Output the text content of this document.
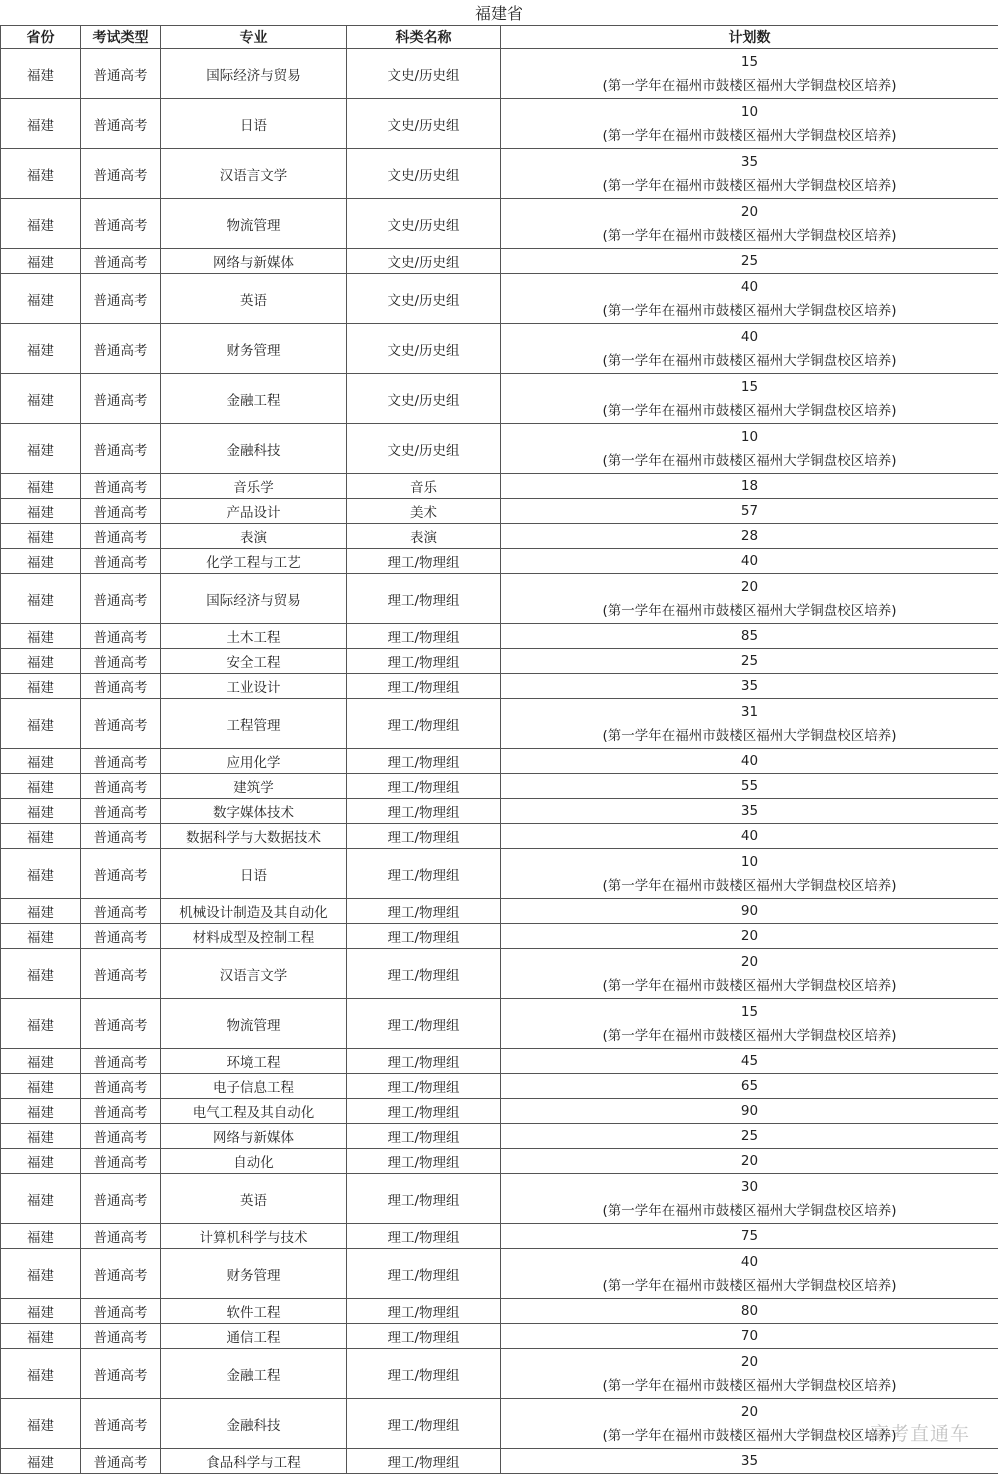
福建省
省份	考试类型	专业	科类名称	计划数
福建	普通高考	国际经济与贸易	文史/历史组	15
(第一学年在福州市鼓楼区福州大学铜盘校区培养)

福建	普通高考	日语	文史/历史组	10
(第一学年在福州市鼓楼区福州大学铜盘校区培养)

福建	普通高考	汉语言文学	文史/历史组	35
(第一学年在福州市鼓楼区福州大学铜盘校区培养)

福建	普通高考	物流管理	文史/历史组	20
(第一学年在福州市鼓楼区福州大学铜盘校区培养)

福建	普通高考	网络与新媒体	文史/历史组	25

福建	普通高考	英语	文史/历史组	40
(第一学年在福州市鼓楼区福州大学铜盘校区培养)

福建	普通高考	财务管理	文史/历史组	40
(第一学年在福州市鼓楼区福州大学铜盘校区培养)

福建	普通高考	金融工程	文史/历史组	15
(第一学年在福州市鼓楼区福州大学铜盘校区培养)

福建	普通高考	金融科技	文史/历史组	10
(第一学年在福州市鼓楼区福州大学铜盘校区培养)

福建	普通高考	音乐学	音乐	18

福建	普通高考	产品设计	美术	57

福建	普通高考	表演	表演	28

福建	普通高考	化学工程与工艺	理工/物理组	40

福建	普通高考	国际经济与贸易	理工/物理组	20
(第一学年在福州市鼓楼区福州大学铜盘校区培养)

福建	普通高考	土木工程	理工/物理组	85

福建	普通高考	安全工程	理工/物理组	25

福建	普通高考	工业设计	理工/物理组	35

福建	普通高考	工程管理	理工/物理组	31
(第一学年在福州市鼓楼区福州大学铜盘校区培养)

福建	普通高考	应用化学	理工/物理组	40

福建	普通高考	建筑学	理工/物理组	55

福建	普通高考	数字媒体技术	理工/物理组	35

福建	普通高考	数据科学与大数据技术	理工/物理组	40

福建	普通高考	日语	理工/物理组	10
(第一学年在福州市鼓楼区福州大学铜盘校区培养)

福建	普通高考	机械设计制造及其自动化	理工/物理组	90

福建	普通高考	材料成型及控制工程	理工/物理组	20

福建	普通高考	汉语言文学	理工/物理组	20
(第一学年在福州市鼓楼区福州大学铜盘校区培养)

福建	普通高考	物流管理	理工/物理组	15
(第一学年在福州市鼓楼区福州大学铜盘校区培养)

福建	普通高考	环境工程	理工/物理组	45

福建	普通高考	电子信息工程	理工/物理组	65

福建	普通高考	电气工程及其自动化	理工/物理组	90

福建	普通高考	网络与新媒体	理工/物理组	25

福建	普通高考	自动化	理工/物理组	20

福建	普通高考	英语	理工/物理组	30
(第一学年在福州市鼓楼区福州大学铜盘校区培养)

福建	普通高考	计算机科学与技术	理工/物理组	75

福建	普通高考	财务管理	理工/物理组	40
(第一学年在福州市鼓楼区福州大学铜盘校区培养)

福建	普通高考	软件工程	理工/物理组	80

福建	普通高考	通信工程	理工/物理组	70

福建	普通高考	金融工程	理工/物理组	20
(第一学年在福州市鼓楼区福州大学铜盘校区培养)

福建	普通高考	金融科技	理工/物理组	20
(第一学年在福州市鼓楼区福州大学铜盘校区培养)

福建	普通高考	食品科学与工程	理工/物理组	35
高考直通车
